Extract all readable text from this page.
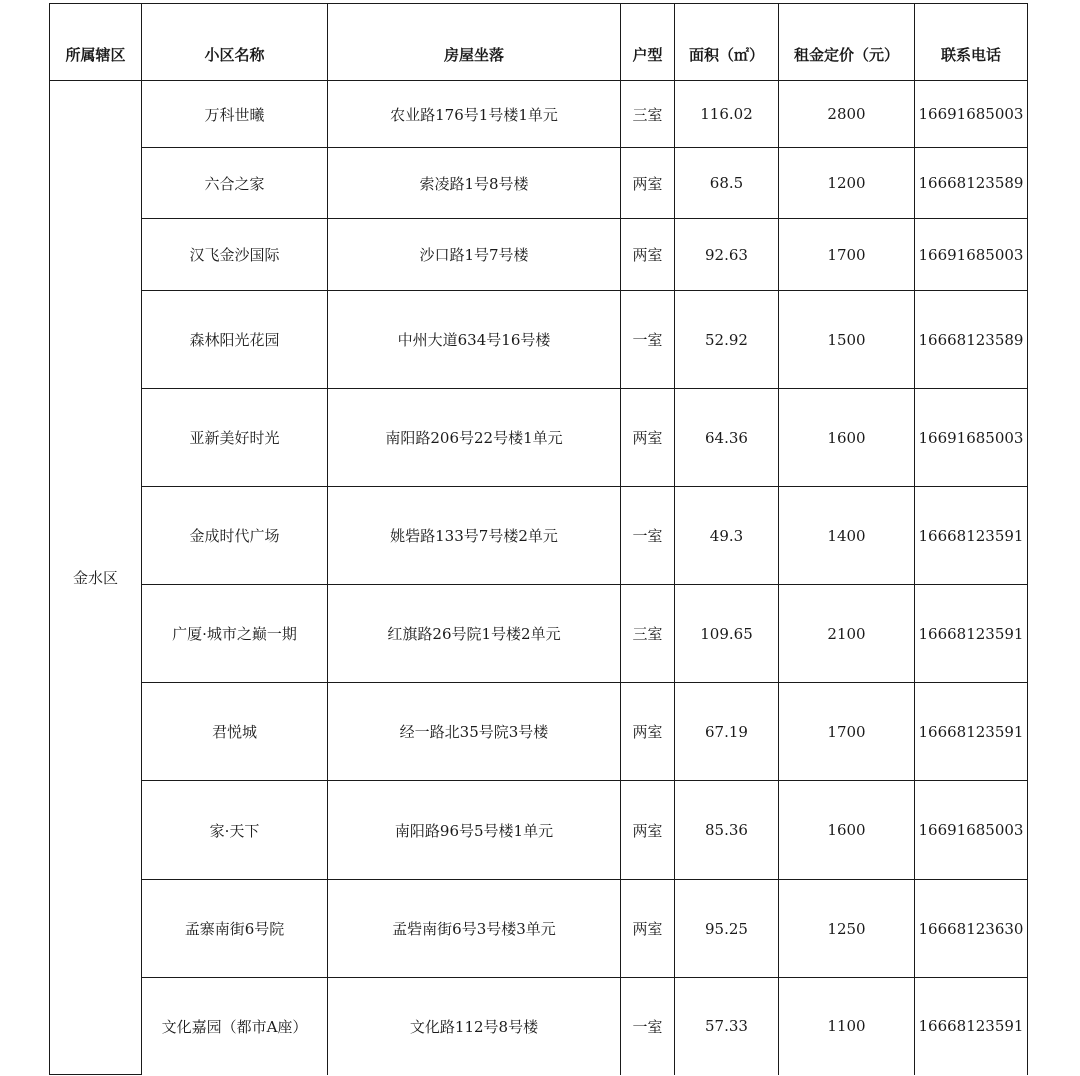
所属辖区	小区名称	房屋坐落	户型	面积（㎡）	租金定价（元）	联系电话
金水区	万科世曦	农业路176号1号楼1单元	三室	116.02	2800	16691685003
	六合之家	索凌路1号8号楼	两室	68.5	1200	16668123589
	汉飞金沙国际	沙口路1号7号楼	两室	92.63	1700	16691685003
	森林阳光花园	中州大道634号16号楼	一室	52.92	1500	16668123589
	亚新美好时光	南阳路206号22号楼1单元	两室	64.36	1600	16691685003
	金成时代广场	姚砦路133号7号楼2单元	一室	49.3	1400	16668123591
	广厦·城市之巅一期	红旗路26号院1号楼2单元	三室	109.65	2100	16668123591
	君悦城	经一路北35号院3号楼	两室	67.19	1700	16668123591
	家·天下	南阳路96号5号楼1单元	两室	85.36	1600	16691685003
	孟寨南街6号院	孟砦南街6号3号楼3单元	两室	95.25	1250	16668123630
	文化嘉园（都市A座）	文化路112号8号楼	一室	57.33	1100	16668123591
